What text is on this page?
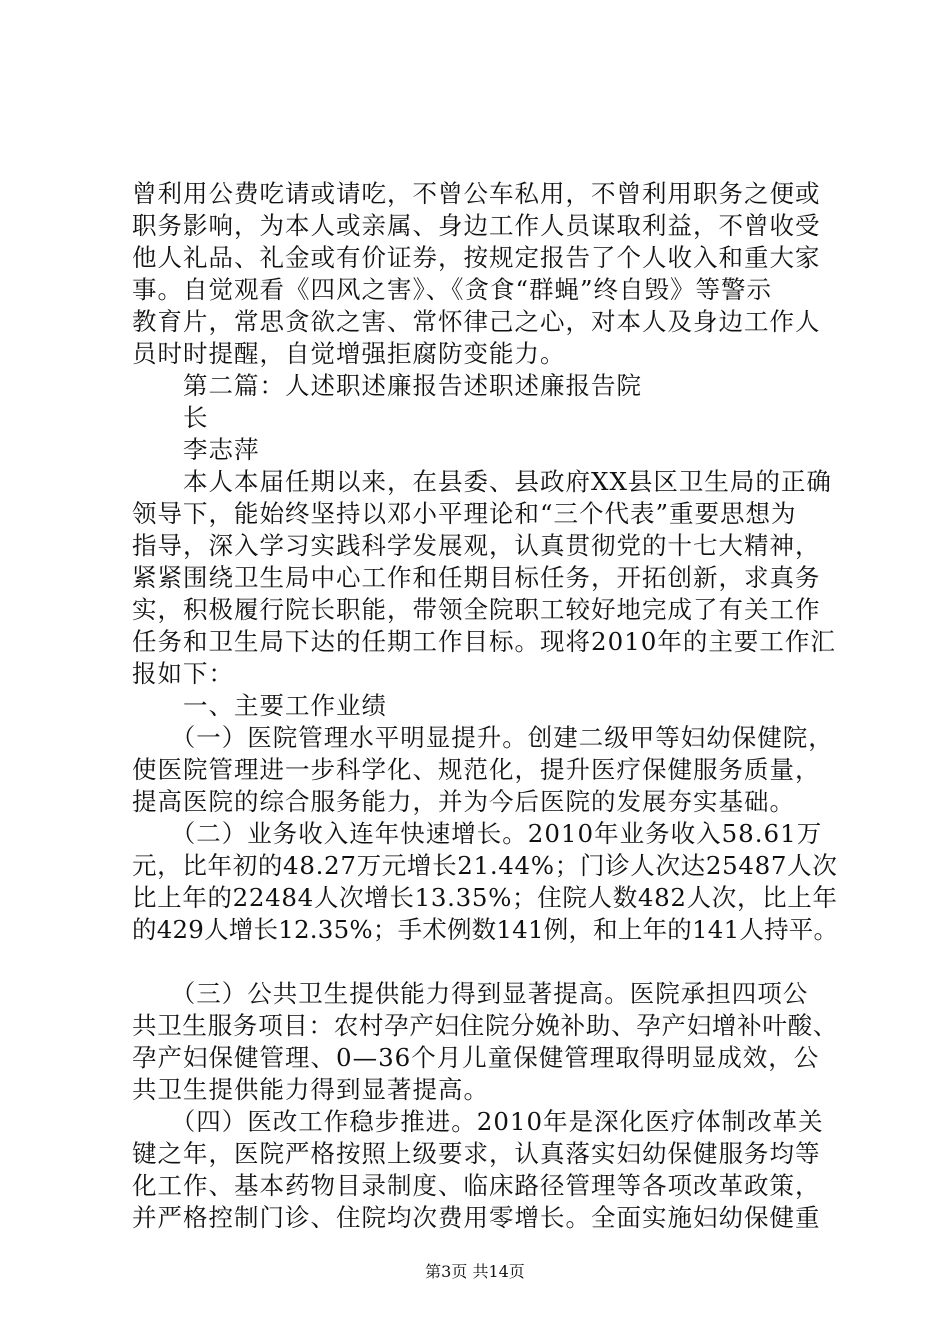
曾利用公费吃请或请吃，不曾公车私用，不曾利用职务之便或
职务影响，为本人或亲属、身边工作人员谋取利益，不曾收受
他人礼品、礼金或有价证券，按规定报告了个人收入和重大家
事。自觉观看《四风之害》、《贪食“群蝇”终自毁》等警示
教育片，常思贪欲之害、常怀律己之心，对本人及身边工作人
员时时提醒，自觉增强拒腐防变能力。
　　第二篇：人述职述廉报告述职述廉报告院
　　长
　　李志萍
　　本人本届任期以来，在县委、县政府XX县区卫生局的正确
领导下，能始终坚持以邓小平理论和“三个代表”重要思想为
指导，深入学习实践科学发展观，认真贯彻党的十七大精神，
紧紧围绕卫生局中心工作和任期目标任务，开拓创新，求真务
实，积极履行院长职能，带领全院职工较好地完成了有关工作
任务和卫生局下达的任期工作目标。现将2010年的主要工作汇
报如下：
　　一、主要工作业绩
　　（一）医院管理水平明显提升。创建二级甲等妇幼保健院，
使医院管理进一步科学化、规范化，提升医疗保健服务质量，
提高医院的综合服务能力，并为今后医院的发展夯实基础。
　　（二）业务收入连年快速增长。2010年业务收入58.61万
元，比年初的48.27万元增长21.44%；门诊人次达25487人次
比上年的22484人次增长13.35%；住院人数482人次，比上年
的429人增长12.35%；手术例数141例，和上年的141人持平。
　　（三）公共卫生提供能力得到显著提高。医院承担四项公
共卫生服务项目：农村孕产妇住院分娩补助、孕产妇增补叶酸、
孕产妇保健管理、0—36个月儿童保健管理取得明显成效，公
共卫生提供能力得到显著提高。
　　（四）医改工作稳步推进。2010年是深化医疗体制改革关
键之年，医院严格按照上级要求，认真落实妇幼保健服务均等
化工作、基本药物目录制度、临床路径管理等各项改革政策，
并严格控制门诊、住院均次费用零增长。全面实施妇幼保健重
第3页 共14页
